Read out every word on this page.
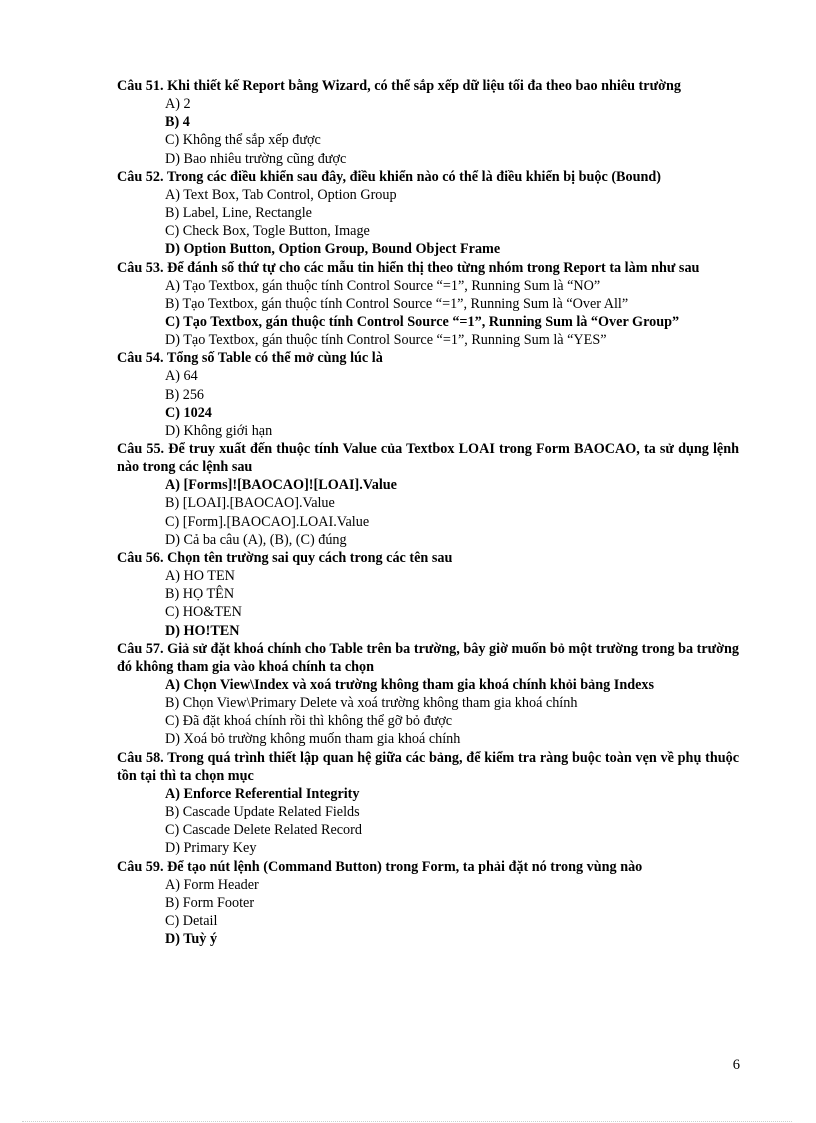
Câu 51. Khi thiết kế Report bằng Wizard, có thể sắp xếp dữ liệu tối đa theo bao nhiêu trường

A) 2
B) 4
C) Không thể sắp xếp được
D) Bao nhiêu trường cũng được

Câu 52. Trong các điều khiển sau đây, điều khiển nào có thể là điều khiển bị buộc (Bound)

A) Text Box, Tab Control, Option Group
B) Label, Line, Rectangle
C) Check Box, Togle Button, Image
D) Option Button, Option Group, Bound Object Frame

Câu 53. Để đánh số thứ tự cho các mẫu tin hiển thị theo từng nhóm trong Report ta làm như sau

A) Tạo Textbox, gán thuộc tính Control Source “=1”, Running Sum là “NO”
B) Tạo Textbox, gán thuộc tính Control Source “=1”, Running Sum là “Over All”
C) Tạo Textbox, gán thuộc tính Control Source “=1”, Running Sum là “Over Group”
D) Tạo Textbox, gán thuộc tính Control Source “=1”, Running Sum là “YES”

Câu 54. Tổng số Table có thể mở cùng lúc là

A) 64
B) 256
C) 1024
D) Không giới hạn

Câu 55. Để truy xuất đến thuộc tính Value của Textbox LOAI trong Form BAOCAO, ta sử dụng lệnh nào trong các lệnh sau

A) [Forms]![BAOCAO]![LOAI].Value
B) [LOAI].[BAOCAO].Value
C) [Form].[BAOCAO].LOAI.Value
D) Cả ba câu (A), (B), (C) đúng

Câu 56. Chọn tên trường sai quy cách trong các tên sau

A) HO TEN
B) HỌ TÊN
C) HO&TEN
D) HO!TEN

Câu 57. Giả sử đặt khoá chính cho Table trên ba trường, bây giờ muốn bỏ một trường trong ba trường đó không tham gia vào khoá chính ta chọn

A) Chọn View\Index và xoá trường không tham gia khoá chính khỏi bảng Indexs
B) Chọn View\Primary Delete và xoá trường không tham gia khoá chính
C) Đã đặt khoá chính rồi thì không thể gỡ bỏ được
D) Xoá bỏ trường không muốn tham gia khoá chính

Câu 58. Trong quá trình thiết lập quan hệ giữa các bảng, để kiểm tra ràng buộc toàn vẹn về phụ thuộc tồn tại thì ta chọn mục

A) Enforce Referential Integrity
B) Cascade Update Related Fields
C) Cascade Delete Related Record
D) Primary Key

Câu 59. Để tạo nút lệnh (Command Button) trong Form, ta phải đặt nó trong vùng nào

A) Form Header
B) Form Footer
C) Detail
D) Tuỳ ý
6
